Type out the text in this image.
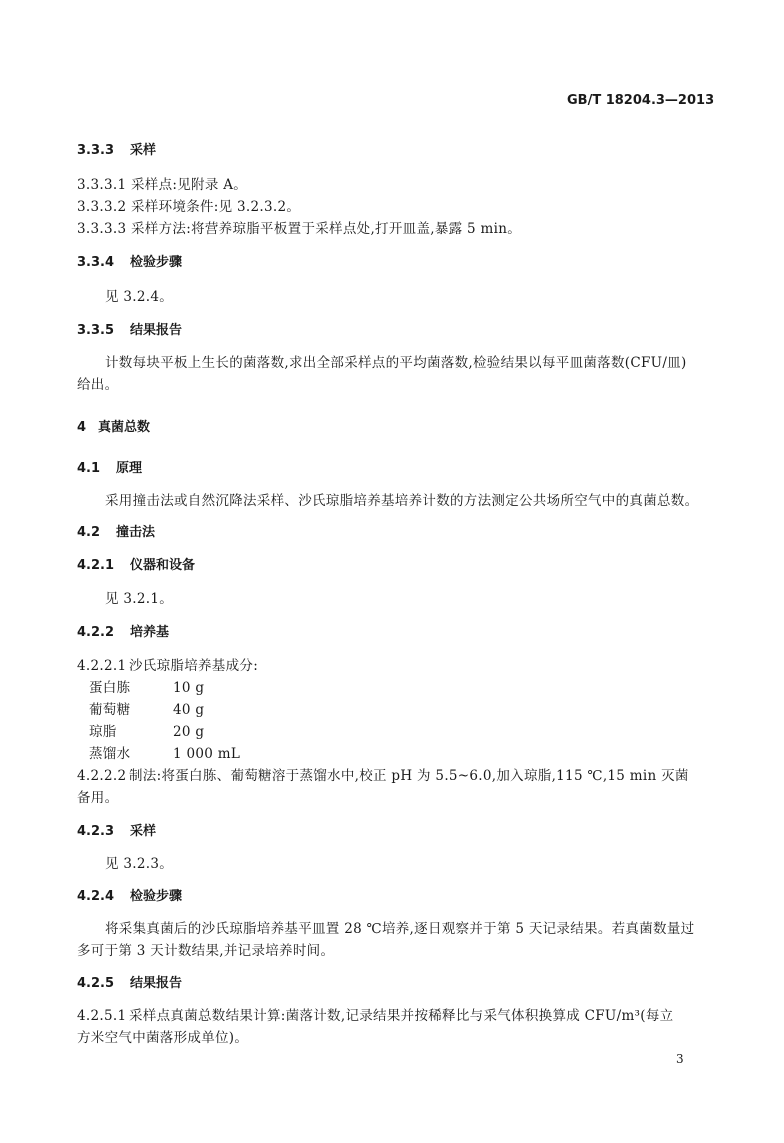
GB/T 18204.3—2013
3.3.3 采样
3.3.3.1 采样点:见附录 A。
3.3.3.2 采样环境条件:见 3.2.3.2。
3.3.3.3 采样方法:将营养琼脂平板置于采样点处,打开皿盖,暴露 5 min。
3.3.4 检验步骤
见 3.2.4。
3.3.5 结果报告
计数每块平板上生长的菌落数,求出全部采样点的平均菌落数,检验结果以每平皿菌落数(CFU/皿)
给出。
4 真菌总数
4.1 原理
采用撞击法或自然沉降法采样、沙氏琼脂培养基培养计数的方法测定公共场所空气中的真菌总数。
4.2 撞击法
4.2.1 仪器和设备
见 3.2.1。
4.2.2 培养基
4.2.2.1 沙氏琼脂培养基成分:
蛋白胨	10 g
葡萄糖	40 g
琼脂	20 g
蒸馏水	1 000 mL
4.2.2.2 制法:将蛋白胨、葡萄糖溶于蒸馏水中,校正 pH 为 5.5~6.0,加入琼脂,115 ℃,15 min 灭菌
备用。
4.2.3 采样
见 3.2.3。
4.2.4 检验步骤
将采集真菌后的沙氏琼脂培养基平皿置 28 ℃培养,逐日观察并于第 5 天记录结果。若真菌数量过
多可于第 3 天计数结果,并记录培养时间。
4.2.5 结果报告
4.2.5.1 采样点真菌总数结果计算:菌落计数,记录结果并按稀释比与采气体积换算成 CFU/m³(每立
方米空气中菌落形成单位)。
3
